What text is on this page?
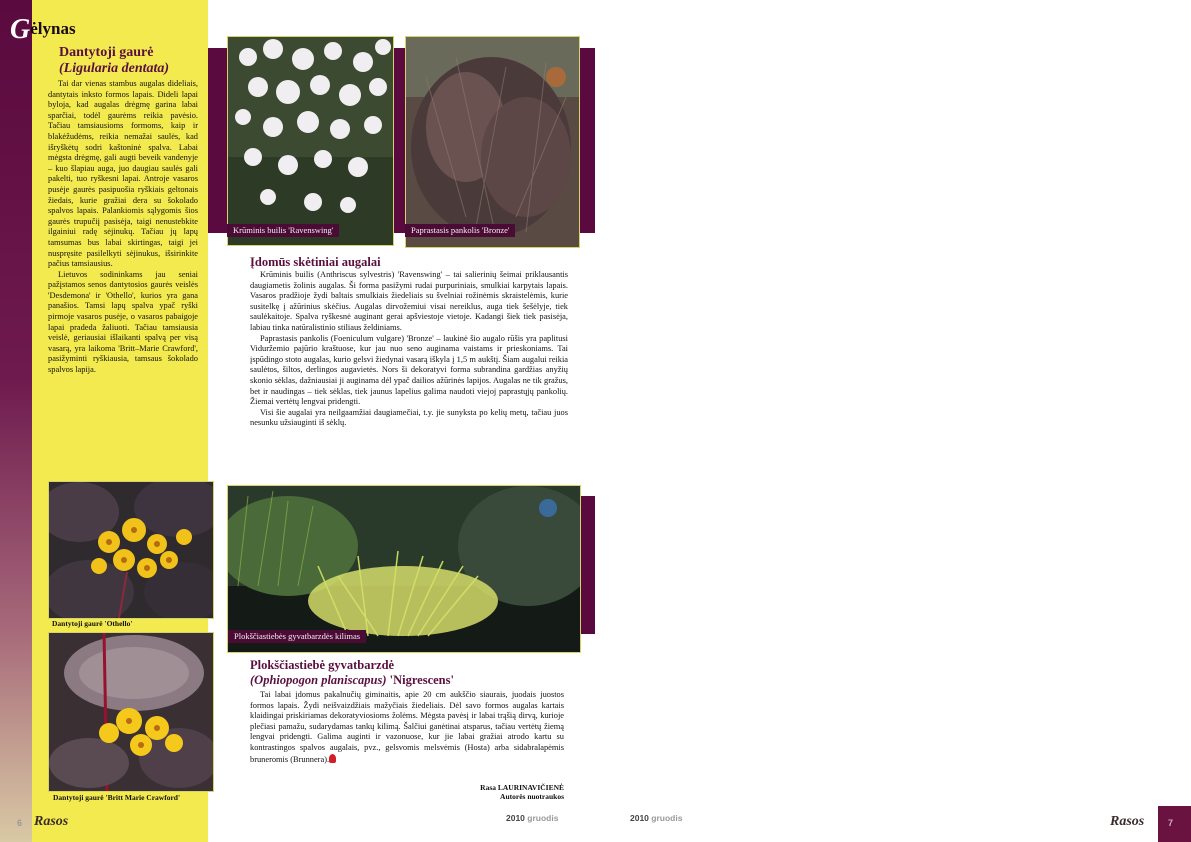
Gėlynas
Dantytoji gaurė
(Ligularia dentata)

Tai dar vienas stambus augalas dideliais, dantytais inksto formos lapais. Dideli lapai byloja, kad augalas drėgmę garina labai sparčiai, todėl gaurėms reikia pavėsio. Tačiau tamsiausioms formoms, kaip ir blakėžudėms, reikia nemažai saulės, kad išryškėtų sodri kaštoninė spalva. Labai mėgsta drėgmę, gali augti beveik vandenyje – kuo šlapiau auga, juo daugiau saulės gali pakelti, tuo ryškesni lapai. Antroje vasaros pusėje gaurės pasipuošia ryškiais geltonais žiedais, kurie gražiai dera su šokolado spalvos lapais. Palankiomis sąlygomis šios gaurės trupučiį pasisėja, taigi nenustebkite ilgainiui radę sėjinukų. Tačiau jų lapų tamsumas bus labai skirtingas, taigi jei nuspręsite pasilelkyti sėjinukus, išsirinkite pačius tamsiausius.

Lietuvos sodininkams jau seniai pažįstamos senos dantytosios gaurės veislės 'Desdemona' ir 'Othello', kurios yra gana panašios. Tamsi lapų spalva ypač ryški pirmoje vasaros pusėje, o vasaros pabaigoje lapai pradeda žaliuoti. Tačiau tamsiausia veislė, geriausiai išlaikanti spalvą per visą vasarą, yra laikoma 'Britt–Marie Crawford', pasižyminti ryškiausia, tamsaus šokolado spalvos lapija.

Dantytoji gaurė 'Othello'
Dantytoji gaurė 'Britt Marie Crawford'
Krūminis builis 'Ravenswing'	Paprastasis pankolis 'Bronze'
Įdomūs skėtiniai augalai

Krūminis builis (Anthriscus sylvestris) 'Ravenswing' – tai salierinių šeimai priklausantis daugiametis žolinis augalas. Ši forma pasižymi rudai purpuriniais, smulkiai karpytais lapais. Vasaros pradžioje žydi baltais smulkiais žiedeliais su švelniai rožinėmis skraistelėmis, kurie susitelkę į ažūrinius skėčius. Augalas dirvožemiui visai nereiklus, auga tiek šešėlyje, tiek saulėkaitoje. Spalva ryškesnė auginant gerai apšviestoje vietoje. Kadangi šiek tiek pasisėja, labiau tinka natūralistinio stiliaus želdiniams.

Paprastasis pankolis (Foeniculum vulgare) 'Bronze' – laukinė šio augalo rūšis yra paplitusi Viduržemio pajūrio kraštuose, kur jau nuo seno auginama vaistams ir prieskoniams. Tai įspūdingo stoto augalas, kurio gelsvi žiedynai vasarą iškyla į 1,5 m aukštį. Šiam augalui reikia saulėtos, šiltos, derlingos augavietės. Nors ši dekoratyvi forma subrandina gardžias anyžių skonio sėklas, dažniausiai ji auginama dėl ypač dailios ažūrinės lapijos. Augalas ne tik gražus, bet ir naudingas – tiek sėklas, tiek jaunus lapelius galima naudoti viejoj paprastųjų pankolių. Žiemai vertėtų lengvai pridengti.

Visi šie augalai yra neilgaamžiai daugiamečiai, t.y. jie sunyksta po kelių metų, tačiau juos nesunku užsiauginti iš sėklų.

Plokščiastiebės gyvatbarzdės kilimas
Plokščiastiebė gyvatbarzdė
(Ophiopogon planiscapus) 'Nigrescens'

Tai labai įdomus pakalnučių giminaitis, apie 20 cm aukščio siaurais, juodais juostos formos lapais. Žydi neišvaizdžiais mažyčiais žiedeliais. Dėl savo formos augalas kartais klaidingai priskiriamas dekoratyviosioms žolėms. Mėgsta pavėsį ir labai trąšią dirvą, kurioje plečiasi pamažu, sudarydamas tankų kilimą. Šalčiui ganėtinai atsparus, tačiau vertėtų žiemą lengvai pridengti. Galima auginti ir vazonuose, kur jie labai gražiai atrodo kartu su kontrastingos spalvos augalais, pvz., gelsvomis melsvėmis (Hosta) arba sidabralapėmis bruneromis (Brunnera).

Rasa LAURINAVIČIENĖ
Autorės nuotraukos
6 Rasos	2010 gruodis	2010 gruodis	Rasos	7
